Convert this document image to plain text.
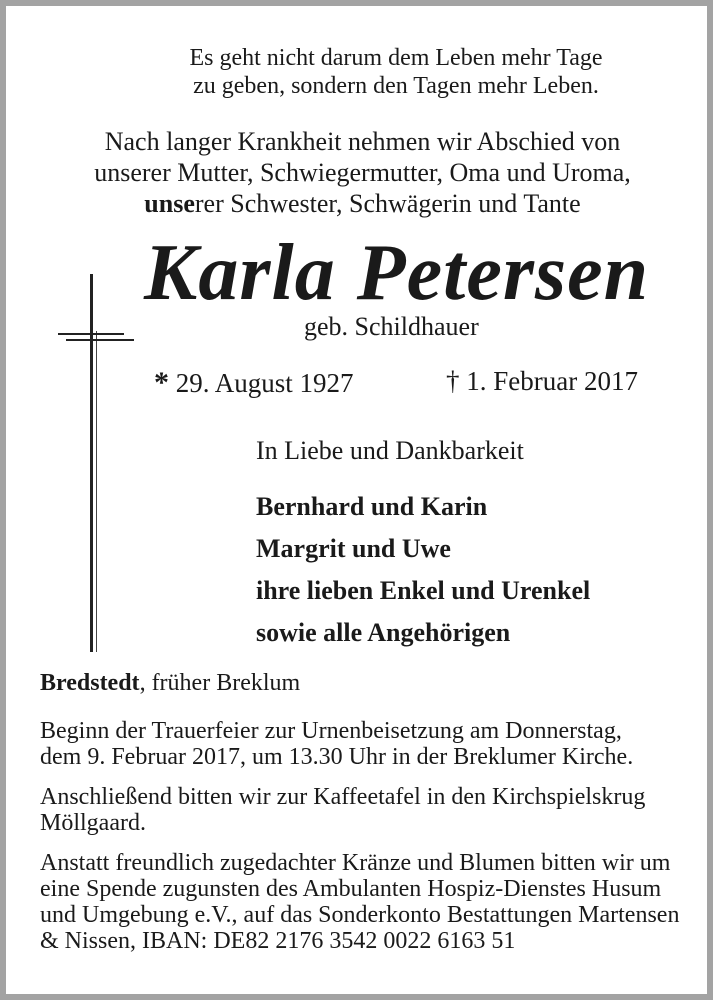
Es geht nicht darum dem Leben mehr Tage
zu geben, sondern den Tagen mehr Leben.
Nach langer Krankheit nehmen wir Abschied von
unserer Mutter, Schwiegermutter, Oma und Uroma,
unserer Schwester, Schwägerin und Tante
Karla Petersen
geb. Schildhauer
* 29. August 1927	† 1. Februar 2017
In Liebe und Dankbarkeit
Bernhard und Karin
Margrit und Uwe
ihre lieben Enkel und Urenkel
sowie alle Angehörigen
Bredstedt, früher Breklum
Beginn der Trauerfeier zur Urnenbeisetzung am Donnerstag,
dem 9. Februar 2017, um 13.30 Uhr in der Breklumer Kirche.
Anschließend bitten wir zur Kaffeetafel in den Kirchspielskrug
Möllgaard.
Anstatt freundlich zugedachter Kränze und Blumen bitten wir um
eine Spende zugunsten des Ambulanten Hospiz-Dienstes Husum
und Umgebung e.V., auf das Sonderkonto Bestattungen Martensen
& Nissen, IBAN: DE82 2176 3542 0022 6163 51
